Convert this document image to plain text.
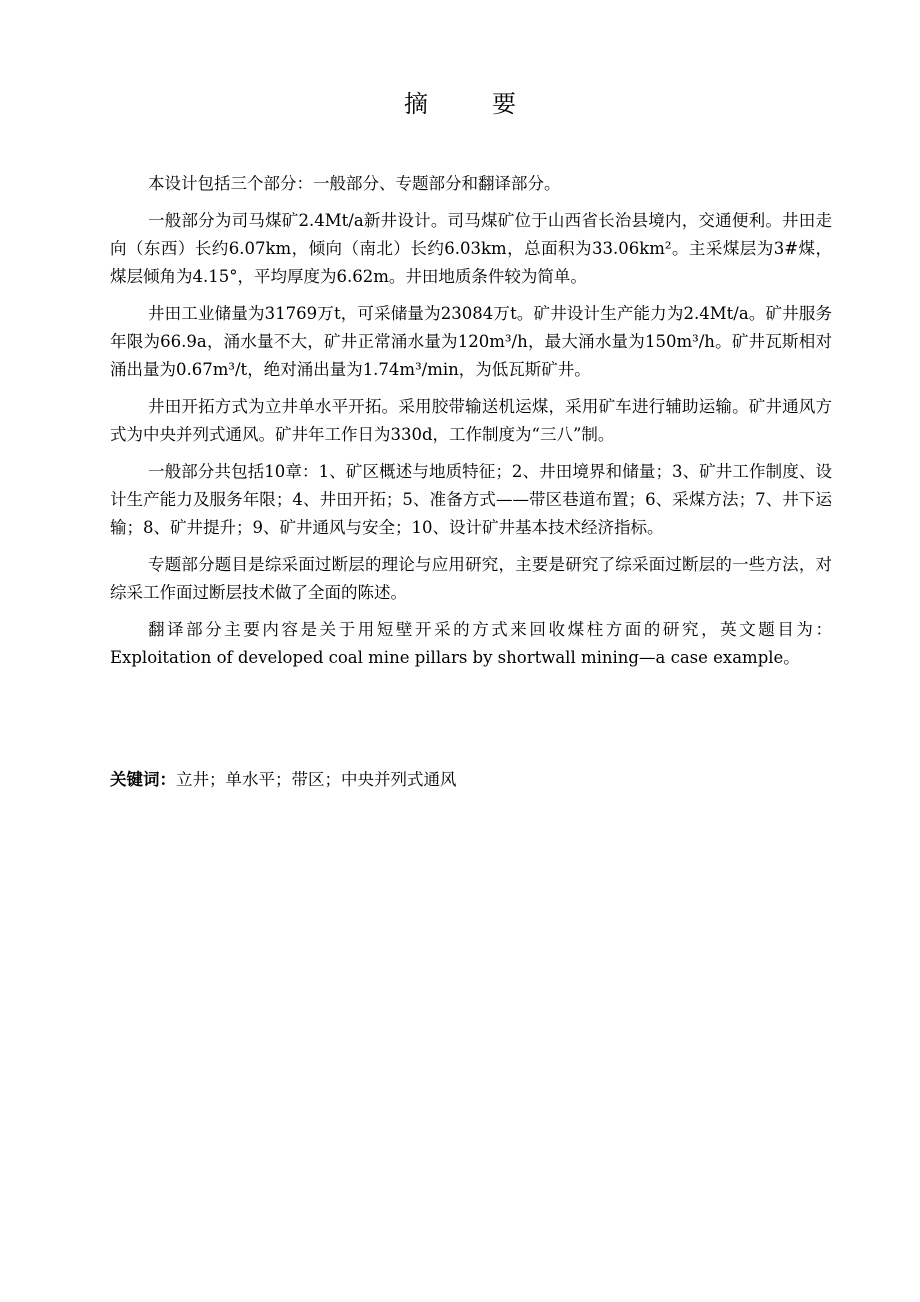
摘　要

本设计包括三个部分：一般部分、专题部分和翻译部分。

一般部分为司马煤矿2.4Mt/a新井设计。司马煤矿位于山西省长治县境内，交通便利。井田走向（东西）长约6.07km，倾向（南北）长约6.03km，总面积为33.06km²。主采煤层为3#煤，煤层倾角为4.15°，平均厚度为6.62m。井田地质条件较为简单。

井田工业储量为31769万t，可采储量为23084万t。矿井设计生产能力为2.4Mt/a。矿井服务年限为66.9a，涌水量不大，矿井正常涌水量为120m³/h，最大涌水量为150m³/h。矿井瓦斯相对涌出量为0.67m³/t，绝对涌出量为1.74m³/min，为低瓦斯矿井。

井田开拓方式为立井单水平开拓。采用胶带输送机运煤，采用矿车进行辅助运输。矿井通风方式为中央并列式通风。矿井年工作日为330d，工作制度为“三八”制。

一般部分共包括10章：1、矿区概述与地质特征；2、井田境界和储量；3、矿井工作制度、设计生产能力及服务年限；4、井田开拓；5、准备方式——带区巷道布置；6、采煤方法；7、井下运输；8、矿井提升；9、矿井通风与安全；10、设计矿井基本技术经济指标。

专题部分题目是综采面过断层的理论与应用研究，主要是研究了综采面过断层的一些方法，对综采工作面过断层技术做了全面的陈述。

翻译部分主要内容是关于用短壁开采的方式来回收煤柱方面的研究，英文题目为：Exploitation of developed coal mine pillars by shortwall mining—a case example。

关键词：立井；单水平；带区；中央并列式通风
